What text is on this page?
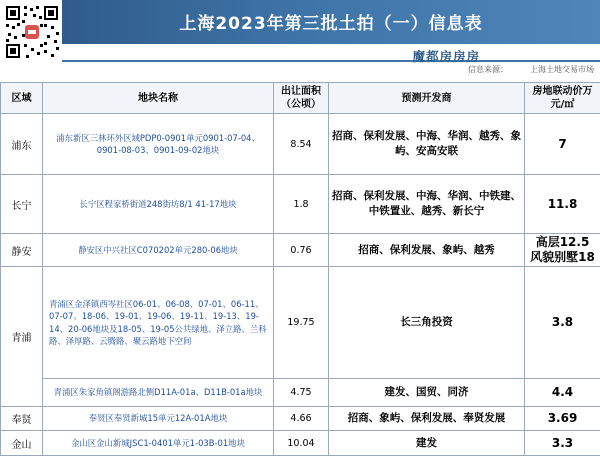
上海2023年第三批土拍（一）信息表
魔都房房房
信息来源：	上海土地交易市场
区域	地块名称	出让面积（公顷）	预测开发商	房地联动价万元/㎡
浦东	浦东新区三林环外区域PDP0-0901单元0901-07-04、0901-08-03、0901-09-02地块	8.54	招商、保利发展、中海、华润、越秀、象屿、安高安联	7
长宁	长宁区程家桥街道248街坊8/1 41-17地块	1.8	招商、保利发展、中海、华润、中铁建、中铁置业、越秀、新长宁	11.8
静安	静安区中兴社区C070202单元280-06地块	0.76	招商、保利发展、象屿、越秀	高层12.5 风貌别墅18
青浦	青浦区金泽镇西岑社区06-01、06-08、07-01、06-11、07-07、18-06、19-01、19-06、19-11、19-13、19-14、20-06地块及18-05、19-05公共绿地、泽立路、兰科路、泽厚路、云腾路、聚云路地下空间	19.75	长三角投资	3.8
	青浦区朱家角镇阁游路北侧D11A-01a、D11B-01a地块	4.75	建发、国贸、同济	4.4
奉贤	奉贤区奉贤新城15单元12A-01A地块	4.66	招商、象屿、保利发展、奉贤发展	3.69
金山	金山区金山新城JSC1-0401单元1-03B-01地块	10.04	建发	3.3
